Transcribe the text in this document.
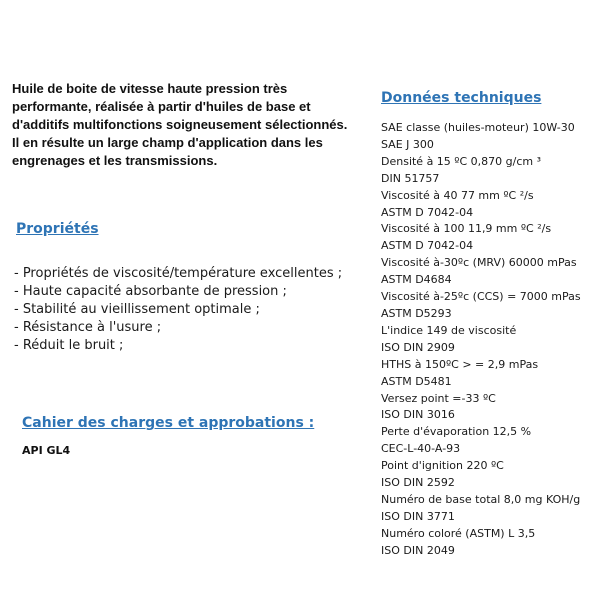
Huile de boite de vitesse haute pression très performante, réalisée à partir d'huiles de base et d'additifs multifonctions soigneusement sélectionnés. Il en résulte un large champ d'application dans les engrenages et les transmissions.

Propriétés
- Propriétés de viscosité/température excellentes ;
- Haute capacité absorbante de pression ;
- Stabilité au vieillissement optimale ;
- Résistance à l'usure ;
- Réduit le bruit ;
Cahier des charges et approbations :

API GL4

Données techniques
SAE classe (huiles-moteur) 10W-30
SAE J 300
Densité à 15 ºC 0,870 g/cm ³
DIN 51757
Viscosité à 40 77 mm ºC ²/s
ASTM D 7042-04
Viscosité à 100 11,9 mm ºC ²/s
ASTM D 7042-04
Viscosité à-30ºc (MRV) 60000 mPas
ASTM D4684
Viscosité à-25ºc (CCS) = 7000 mPas
ASTM D5293
L'indice 149 de viscosité
ISO DIN 2909
HTHS à 150ºC > = 2,9 mPas
ASTM D5481
Versez point =-33 ºC
ISO DIN 3016
Perte d'évaporation 12,5 %
CEC-L-40-A-93
Point d'ignition 220 ºC
ISO DIN 2592
Numéro de base total 8,0 mg KOH/g
ISO DIN 3771
Numéro coloré (ASTM) L 3,5
ISO DIN 2049
